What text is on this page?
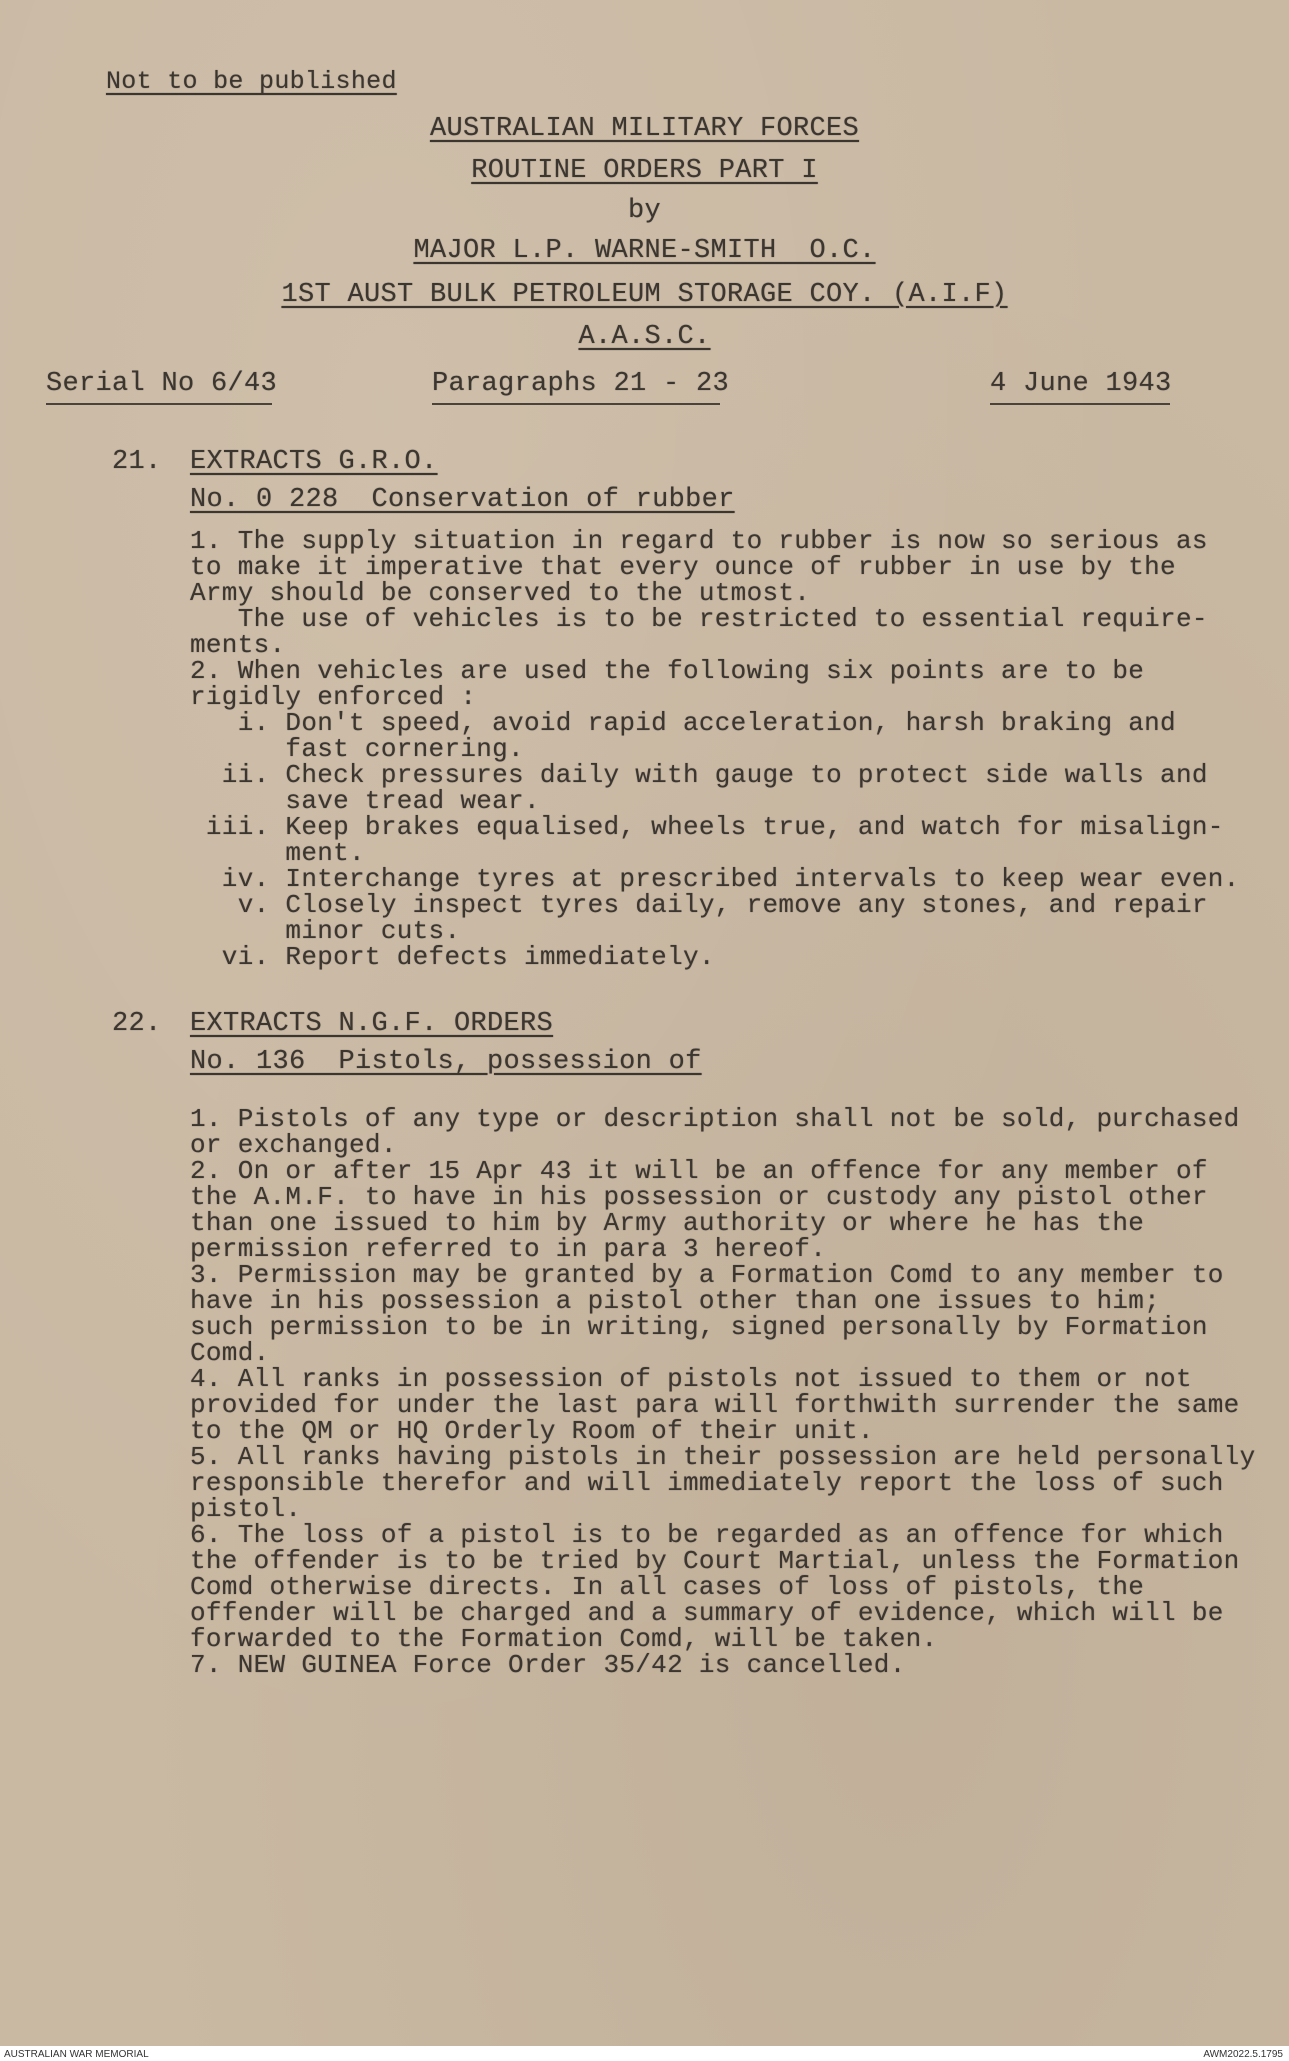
Not to be published

AUSTRALIAN MILITARY FORCES

ROUTINE ORDERS PART I

by

MAJOR L.P. WARNE-SMITH  O.C.

1ST AUST BULK PETROLEUM STORAGE COY. (A.I.F)

A.A.S.C.

Serial No 6/43	Paragraphs 21 - 23	4 June 1943

21. EXTRACTS G.R.O.

No. 0 228  Conservation of rubber

1. The supply situation in regard to rubber is now so serious as

to make it imperative that every ounce of rubber in use by the

Army should be conserved to the utmost.

The use of vehicles is to be restricted to essential require-

ments.

2. When vehicles are used the following six points are to be

rigidly enforced :

i. Don't speed, avoid rapid acceleration, harsh braking and

fast cornering.

ii. Check pressures daily with gauge to protect side walls and

save tread wear.

iii. Keep brakes equalised, wheels true, and watch for misalign-

ment.

iv. Interchange tyres at prescribed intervals to keep wear even.

v. Closely inspect tyres daily, remove any stones, and repair

minor cuts.

vi. Report defects immediately.

22. EXTRACTS N.G.F. ORDERS

No. 136  Pistols, possession of

1. Pistols of any type or description shall not be sold, purchased

or exchanged.

2. On or after 15 Apr 43 it will be an offence for any member of

the A.M.F. to have in his possession or custody any pistol other

than one issued to him by Army authority or where he has the

permission referred to in para 3 hereof.

3. Permission may be granted by a Formation Comd to any member to

have in his possession a pistol other than one issues to him;

such permission to be in writing, signed personally by Formation

Comd.

4. All ranks in possession of pistols not issued to them or not

provided for under the last para will forthwith surrender the same

to the QM or HQ Orderly Room of their unit.

5. All ranks having pistols in their possession are held personally

responsible therefor and will immediately report the loss of such

pistol.

6. The loss of a pistol is to be regarded as an offence for which

the offender is to be tried by Court Martial, unless the Formation

Comd otherwise directs. In all cases of loss of pistols, the

offender will be charged and a summary of evidence, which will be

forwarded to the Formation Comd, will be taken.

7. NEW GUINEA Force Order 35/42 is cancelled.

AUSTRALIAN WAR MEMORIAL	AWM2022.5.1795
